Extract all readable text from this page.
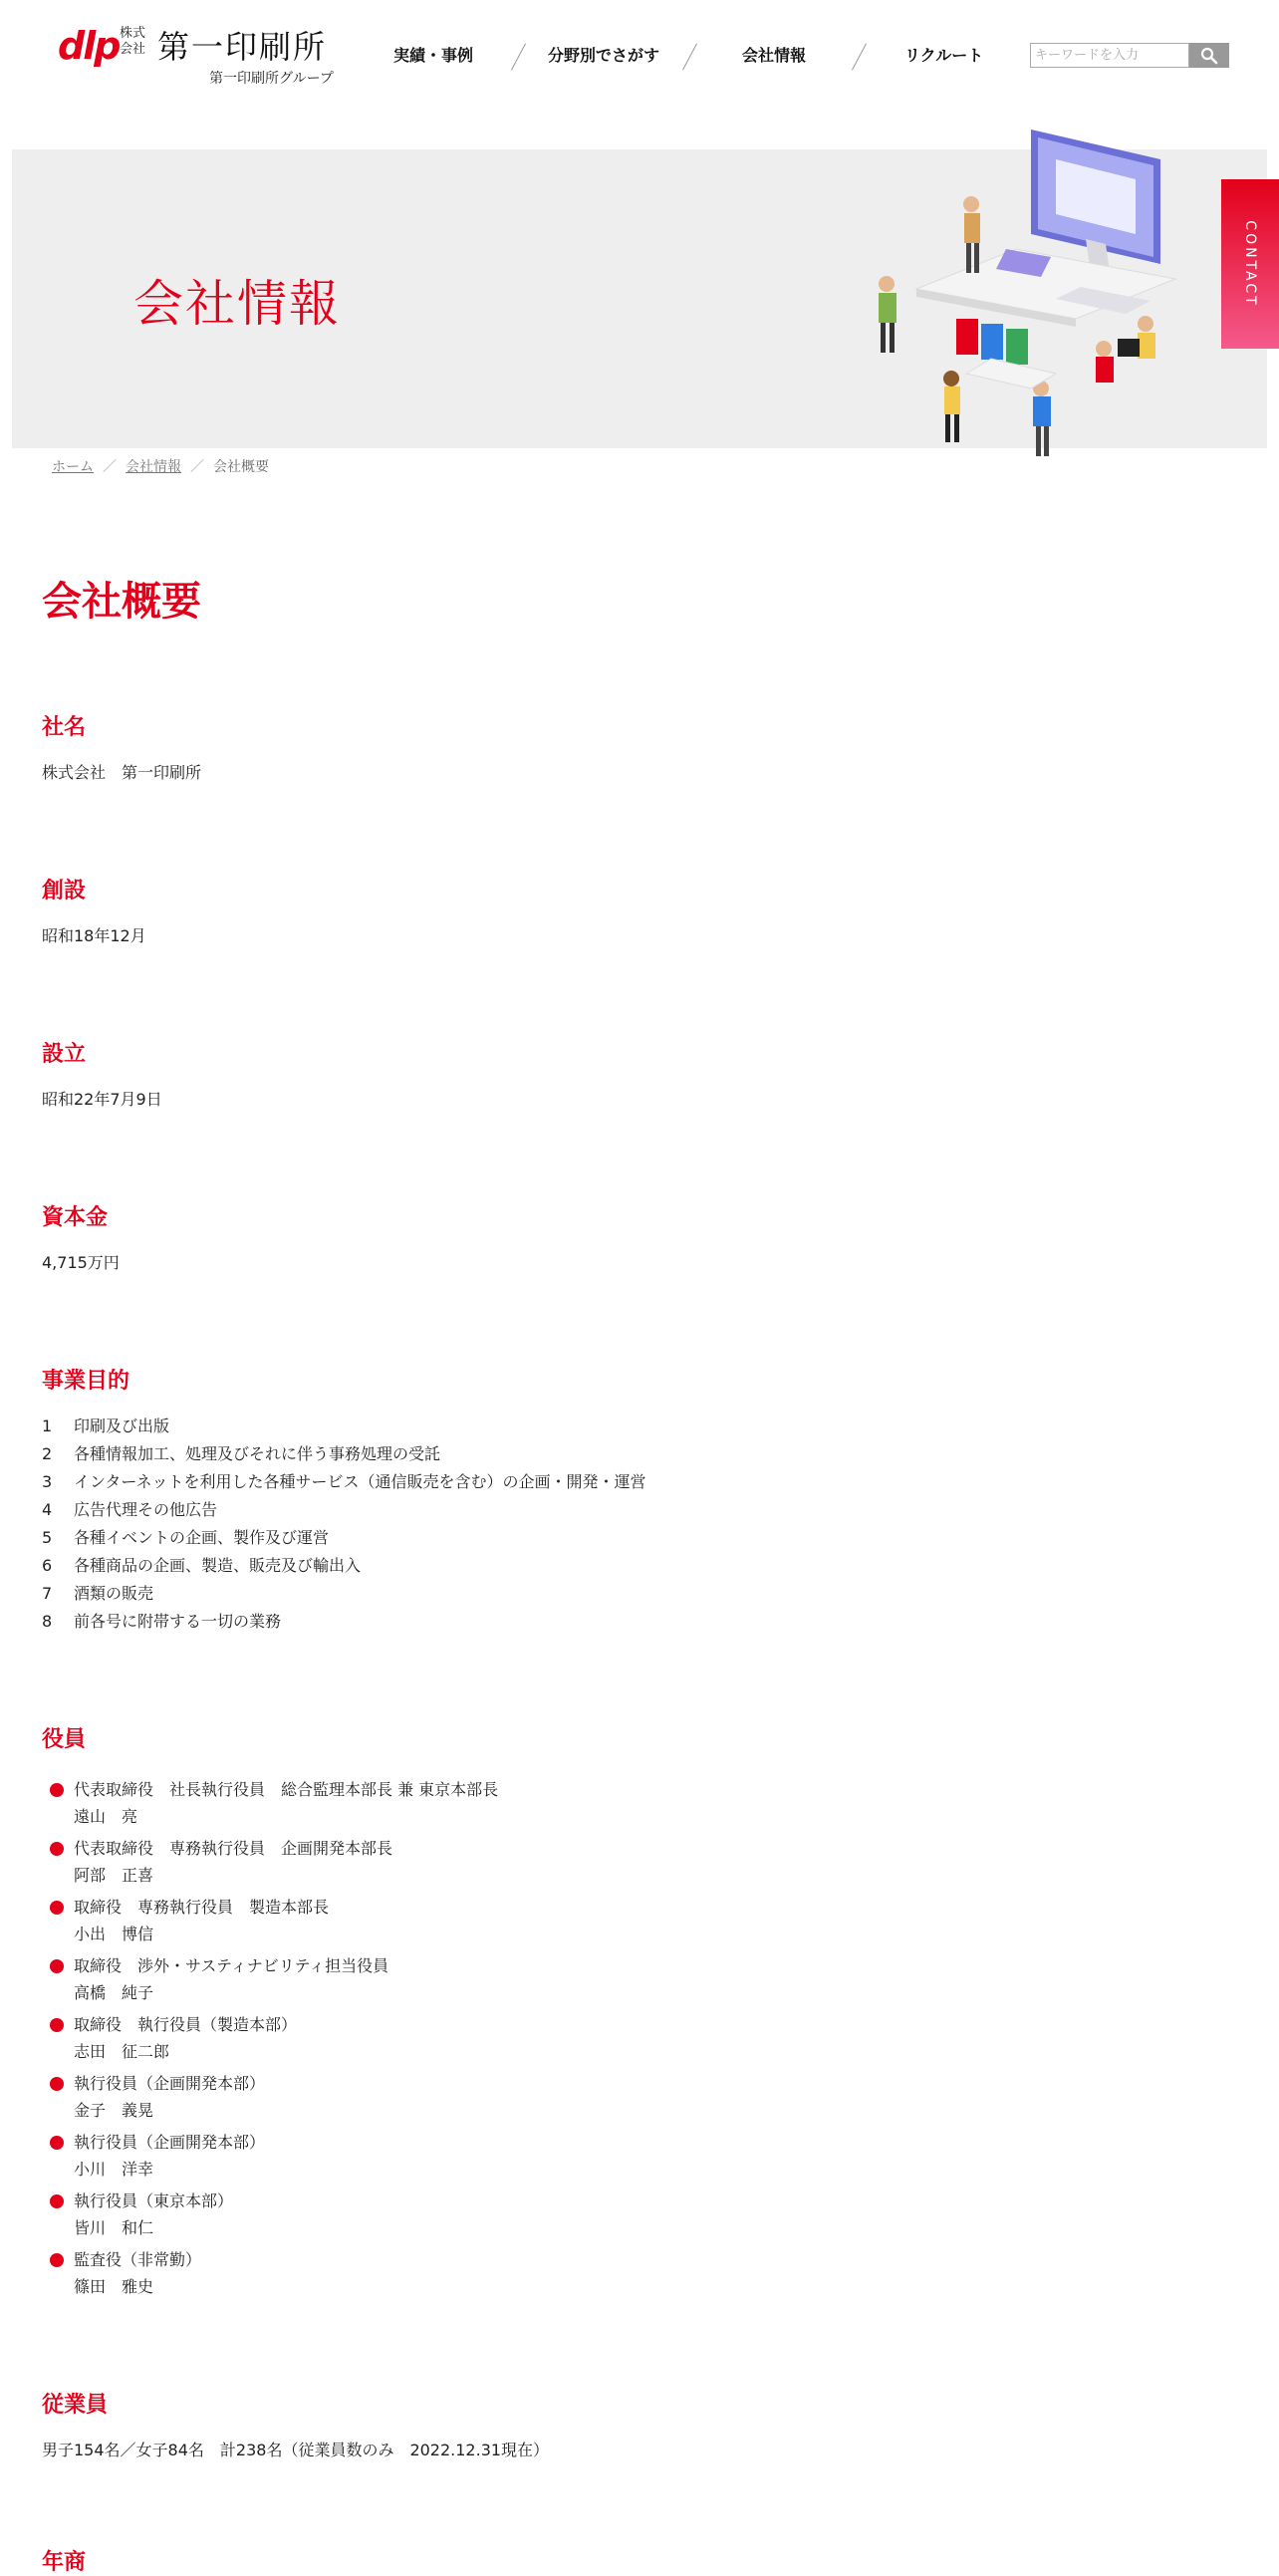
dlp 株式会社 第一印刷所
第一印刷所グループ
実績・事例	分野別でさがす	会社情報	リクルート
キーワードを入力
会社情報	CONTACT
ホーム ／ 会社情報 ／ 会社概要
会社概要
社名

株式会社　第一印刷所

創設

昭和18年12月

設立

昭和22年7月9日

資本金

4,715万円

事業目的
1 印刷及び出版
2 各種情報加工、処理及びそれに伴う事務処理の受託
3 インターネットを利用した各種サービス（通信販売を含む）の企画・開発・運営
4 広告代理その他広告
5 各種イベントの企画、製作及び運営
6 各種商品の企画、製造、販売及び輸出入
7 酒類の販売
8 前各号に附帯する一切の業務
役員
代表取締役　社長執行役員　総合監理本部長 兼 東京本部長
遠山　亮
代表取締役　専務執行役員　企画開発本部長
阿部　正喜
取締役　専務執行役員　製造本部長
小出　博信
取締役　渉外・サスティナビリティ担当役員
高橋　純子
取締役　執行役員（製造本部）
志田　征二郎
執行役員（企画開発本部）
金子　義晃
執行役員（企画開発本部）
小川　洋幸
執行役員（東京本部）
皆川　和仁
監査役（非常勤）
篠田　雅史
従業員

男子154名／女子84名　計238名（従業員数のみ　2022.12.31現在）

年商
